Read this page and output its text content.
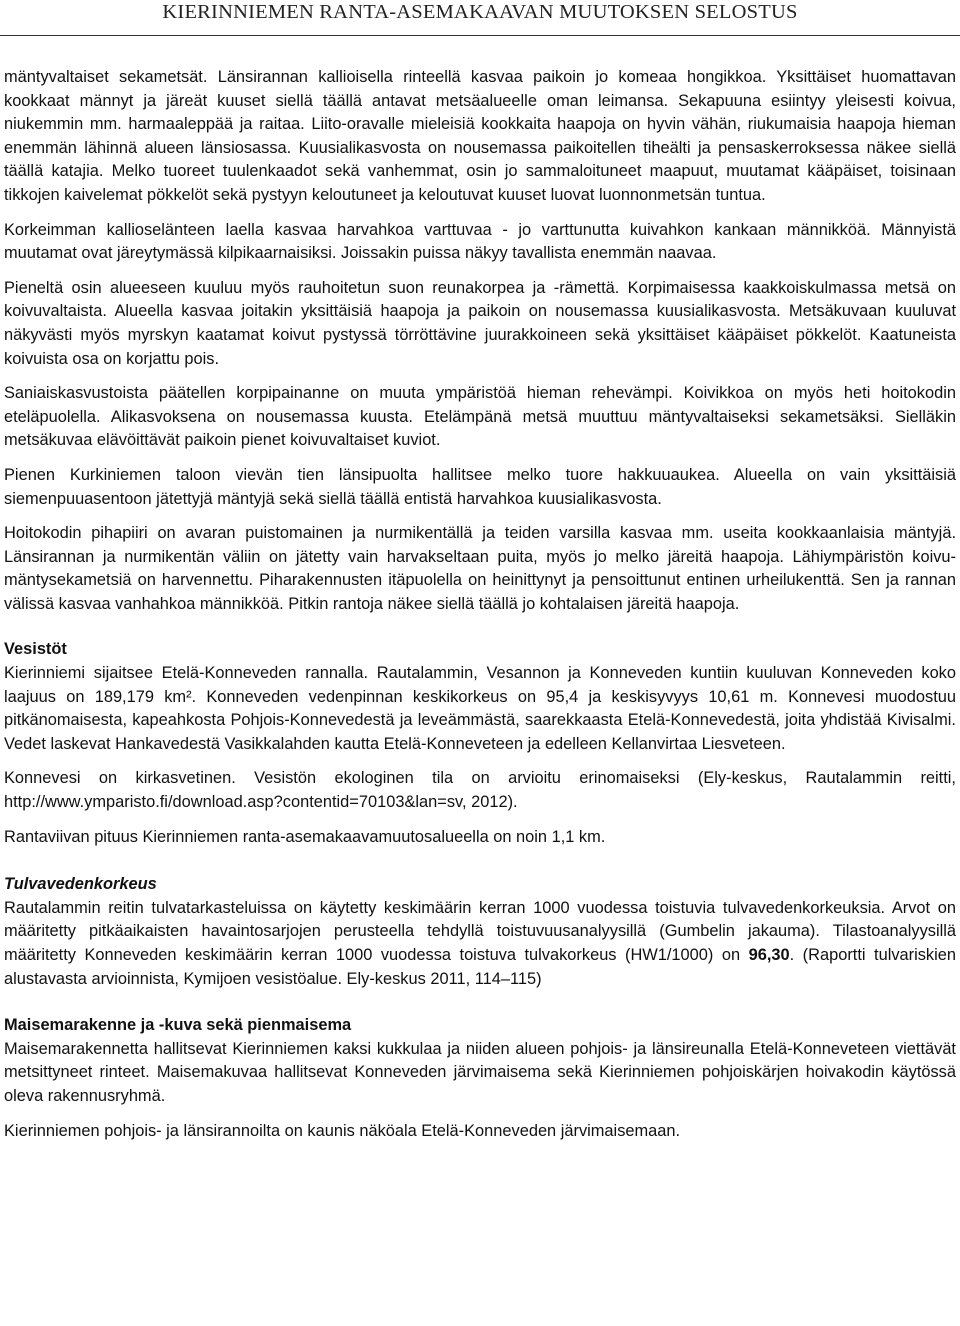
KIERINNIEMEN RANTA-ASEMAKAAVAN MUUTOKSEN SELOSTUS

mäntyvaltaiset sekametsät. Länsirannan kallioisella rinteellä kasvaa paikoin jo komeaa hongikkoa. Yksittäiset huomattavan kookkaat männyt ja järeät kuuset siellä täällä antavat metsäalueelle oman leimansa. Sekapuuna esiintyy yleisesti koivua, niukemmin mm. harmaaleppää ja raitaa. Liito-oravalle mieleisiä kookkaita haapoja on hyvin vähän, riukumaisia haapoja hieman enemmän lähinnä alueen länsiosassa. Kuusialikasvosta on nousemassa paikoitellen tiheälti ja pensaskerroksessa näkee siellä täällä katajia. Melko tuoreet tuulenkaadot sekä vanhemmat, osin jo sammaloituneet maapuut, muutamat kääpäiset, toisinaan tikkojen kaivelemat pökkelöt sekä pystyyn keloutuneet ja keloutuvat kuuset luovat luonnonmetsän tuntua.

Korkeimman kallioselänteen laella kasvaa harvahkoa varttuvaa - jo varttunutta kuivahkon kankaan männikköä. Männyistä muutamat ovat järeytymässä kilpikaarnaisiksi. Joissakin puissa näkyy tavallista enemmän naavaa.

Pieneltä osin alueeseen kuuluu myös rauhoitetun suon reunakorpea ja -rämettä. Korpimaisessa kaakkoiskulmassa metsä on koivuvaltaista. Alueella kasvaa joitakin yksittäisiä haapoja ja paikoin on nousemassa kuusialikasvosta. Metsäkuvaan kuuluvat näkyvästi myös myrskyn kaatamat koivut pystyssä törröttävine juurakkoineen sekä yksittäiset kääpäiset pökkelöt. Kaatuneista koivuista osa on korjattu pois.

Saniaiskasvustoista päätellen korpipainanne on muuta ympäristöä hieman rehevämpi. Koivikkoa on myös heti hoitokodin eteläpuolella. Alikasvoksena on nousemassa kuusta. Etelämpänä metsä muuttuu mäntyvaltaiseksi sekametsäksi. Sielläkin metsäkuvaa elävöittävät paikoin pienet koivuvaltaiset kuviot.

Pienen Kurkiniemen taloon vievän tien länsipuolta hallitsee melko tuore hakkuuaukea. Alueella on vain yksittäisiä siemenpuuasentoon jätettyjä mäntyjä sekä siellä täällä entistä harvahkoa kuusialikasvosta.

Hoitokodin pihapiiri on avaran puistomainen ja nurmikentällä ja teiden varsilla kasvaa mm. useita kookkaanlaisia mäntyjä. Länsirannan ja nurmikentän väliin on jätetty vain harvakseltaan puita, myös jo melko järeitä haapoja. Lähiympäristön koivu-mäntysekametsiä on harvennettu. Piharakennusten itäpuolella on heinittynyt ja pensoittunut entinen urheilukenttä. Sen ja rannan välissä kasvaa vanhahkoa männikköä. Pitkin rantoja näkee siellä täällä jo kohtalaisen järeitä haapoja.

Vesistöt

Kierinniemi sijaitsee Etelä-Konneveden rannalla. Rautalammin, Vesannon ja Konneveden kuntiin kuuluvan Konneveden koko laajuus on 189,179 km². Konneveden vedenpinnan keskikorkeus on 95,4 ja keskisyvyys 10,61 m. Konnevesi muodostuu pitkänomaisesta, kapeahkosta Pohjois-Konnevedestä ja leveämmästä, saarekkaasta Etelä-Konnevedestä, joita yhdistää Kivisalmi. Vedet laskevat Hankavedestä Vasikkalahden kautta Etelä-Konneveteen ja edelleen Kellanvirtaa Liesveteen.

Konnevesi on kirkasvetinen. Vesistön ekologinen tila on arvioitu erinomaiseksi (Ely-keskus, Rautalammin reitti, http://www.ymparisto.fi/download.asp?contentid=70103&lan=sv, 2012).

Rantaviivan pituus Kierinniemen ranta-asemakaavamuutosalueella on noin 1,1 km.

Tulvavedenkorkeus

Rautalammin reitin tulvatarkasteluissa on käytetty keskimäärin kerran 1000 vuodessa toistuvia tulvavedenkorkeuksia. Arvot on määritetty pitkäaikaisten havaintosarjojen perusteella tehdyllä toistuvuusanalyysillä (Gumbelin jakauma). Tilastoanalyysillä määritetty Konneveden keskimäärin kerran 1000 vuodessa toistuva tulvakorkeus (HW1/1000) on 96,30. (Raportti tulvariskien alustavasta arvioinnista, Kymijoen vesistöalue. Ely-keskus 2011, 114–115)

Maisemarakenne ja -kuva sekä pienmaisema

Maisemarakennetta hallitsevat Kierinniemen kaksi kukkulaa ja niiden alueen pohjois- ja länsireunalla Etelä-Konneveteen viettävät metsittyneet rinteet. Maisemakuvaa hallitsevat Konneveden järvimaisema sekä Kierinniemen pohjoiskärjen hoivakodin käytössä oleva rakennusryhmä.

Kierinniemen pohjois- ja länsirannoilta on kaunis näköala Etelä-Konneveden järvimaisemaan.
